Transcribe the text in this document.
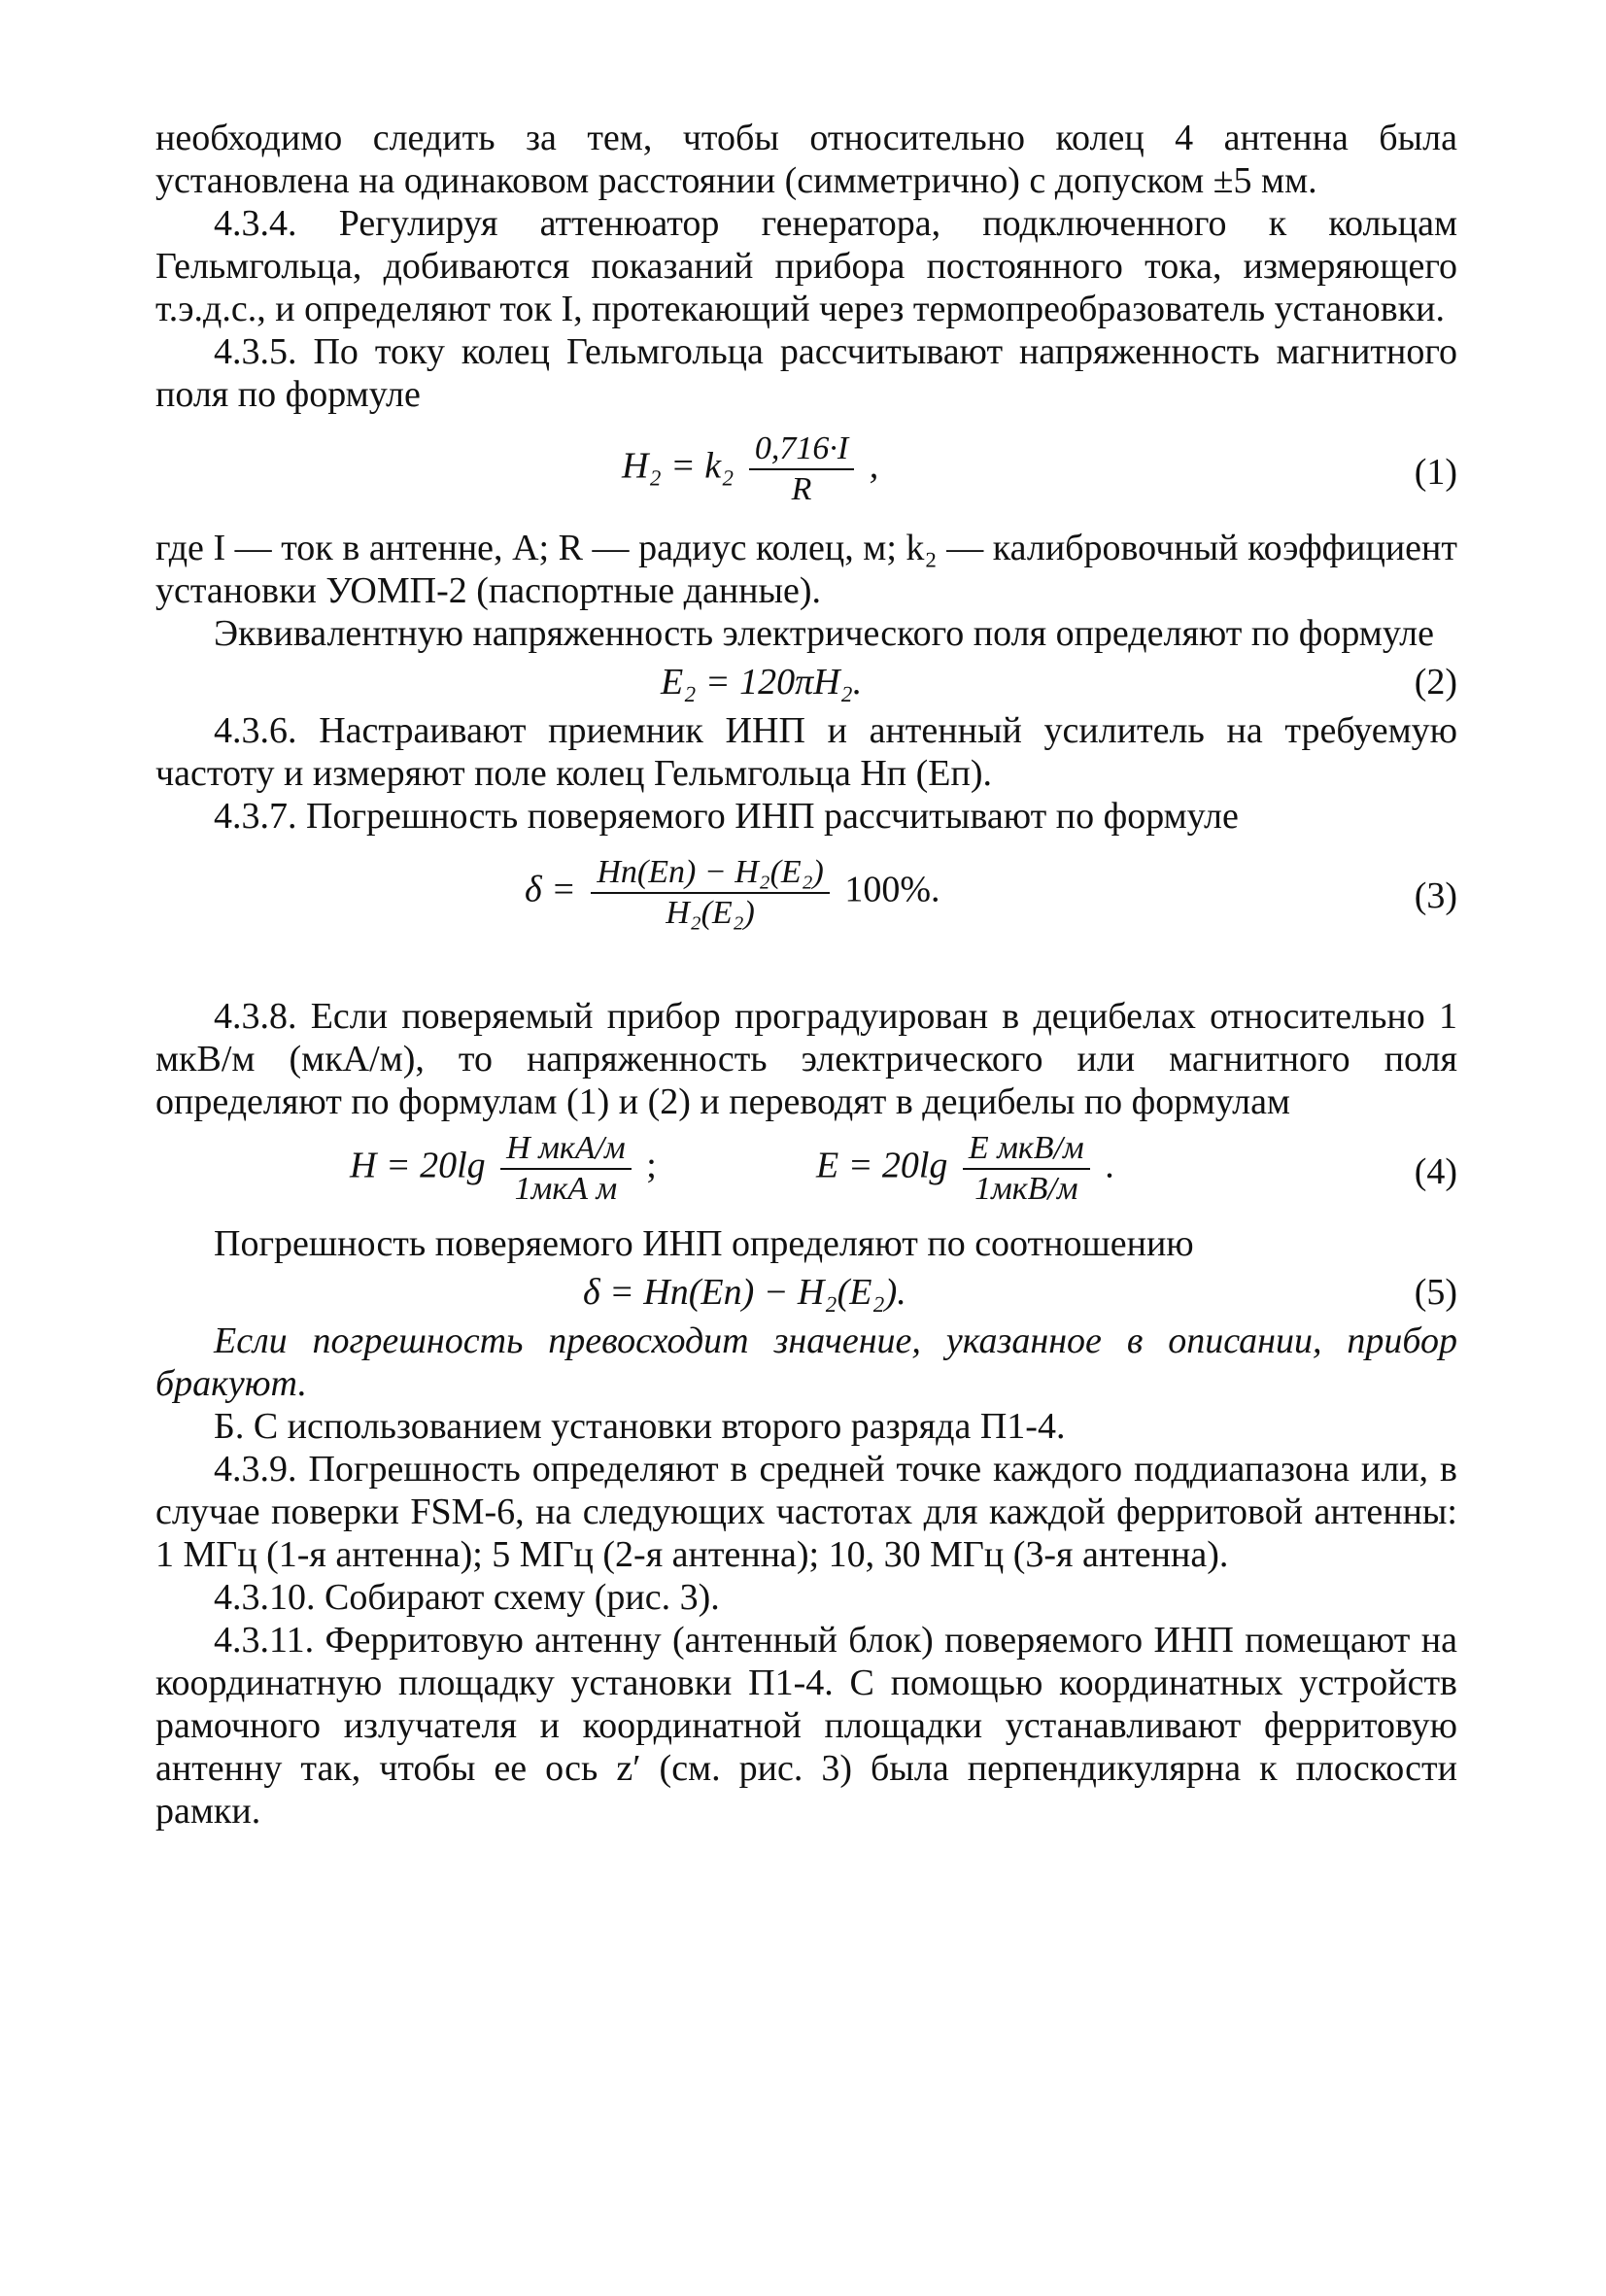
необходимо следить за тем, чтобы относительно колец 4 антенна была установлена на одинаковом расстоянии (симметрично) с допуском ±5 мм.

4.3.4. Регулируя аттенюатор генератора, подключенного к кольцам Гельмгольца, добиваются показаний прибора постоянного тока, измеряющего т.э.д.с., и определяют ток I, протекающий через термопреобразователь установки.

4.3.5. По току колец Гельмгольца рассчитывают напряженность магнитного поля по формуле

$H_2 = k_2 \frac{0,716\cdot I}{R}$ ,	(1)

где I — ток в антенне, А; R — радиус колец, м; k₂ — калибровочный коэффициент установки УОМП-2 (паспортные данные).

Эквивалентную напряженность электрического поля определяют по формуле

E₂ = 120πH₂.	(2)

4.3.6. Настраивают приемник ИНП и антенный усилитель на требуемую частоту и измеряют поле колец Гельмгольца Hп (Eп).

4.3.7. Погрешность поверяемого ИНП рассчитывают по формуле

$\delta = \frac{\text{Hп(Eп) − H₂(E₂)}}{\text{H₂(E₂)}} 100\%$.	(3)

4.3.8. Если поверяемый прибор проградуирован в децибелах относительно 1 мкВ/м (мкА/м), то напряженность электрического или магнитного поля определяют по формулам (1) и (2) и переводят в децибелы по формулам

$H = 20\lg \frac{\text{H мкА/м}}{\text{1мкА м}}$ ;	$E = 20\lg \frac{\text{E мкВ/м}}{\text{1мкВ/м}}$ .	(4)

Погрешность поверяемого ИНП определяют по соотношению

δ = Hп(Eп) − H₂(E₂).	(5)

Если погрешность превосходит значение, указанное в описании, прибор бракуют.

Б. С использованием установки второго разряда П1-4.

4.3.9. Погрешность определяют в средней точке каждого поддиапазона или, в случае поверки FSM-6, на следующих частотах для каждой ферритовой антенны: 1 МГц (1-я антенна); 5 МГц (2-я антенна); 10, 30 МГц (3-я антенна).

4.3.10. Собирают схему (рис. 3).

4.3.11. Ферритовую антенну (антенный блок) поверяемого ИНП помещают на координатную площадку установки П1-4. С помощью координатных устройств рамочного излучателя и координатной площадки устанавливают ферритовую антенну так, чтобы ее ось z′ (см. рис. 3) была перпендикулярна к плоскости рамки.
